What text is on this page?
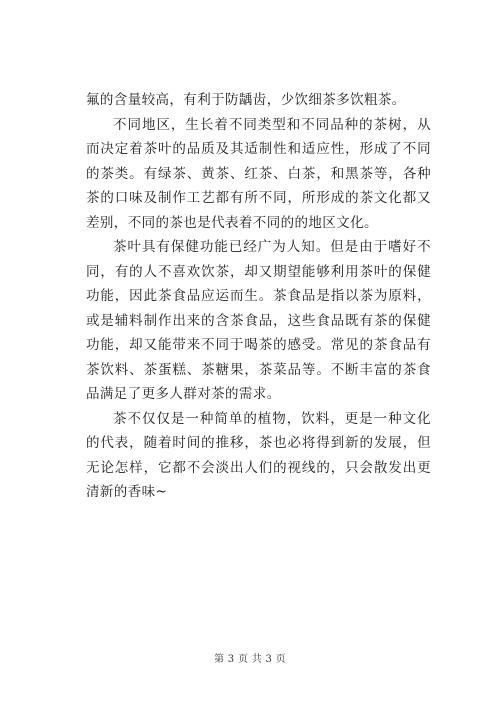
氟的含量较高，有利于防龋齿，少饮细茶多饮粗茶。

不同地区，生长着不同类型和不同品种的茶树，从而决定着茶叶的品质及其适制性和适应性，形成了不同的茶类。有绿茶、黄茶、红茶、白茶，和黑茶等，各种茶的口味及制作工艺都有所不同，所形成的茶文化都又差别，不同的茶也是代表着不同的的地区文化。

茶叶具有保健功能已经广为人知。但是由于嗜好不同，有的人不喜欢饮茶，却又期望能够利用茶叶的保健功能，因此茶食品应运而生。茶食品是指以茶为原料，或是辅料制作出来的含茶食品，这些食品既有茶的保健功能，却又能带来不同于喝茶的感受。常见的茶食品有茶饮料、茶蛋糕、茶糖果，茶菜品等。不断丰富的茶食品满足了更多人群对茶的需求。

茶不仅仅是一种简单的植物，饮料，更是一种文化的代表，随着时间的推移，茶也必将得到新的发展，但无论怎样，它都不会淡出人们的视线的，只会散发出更清新的香味~

第 3 页 共 3 页
